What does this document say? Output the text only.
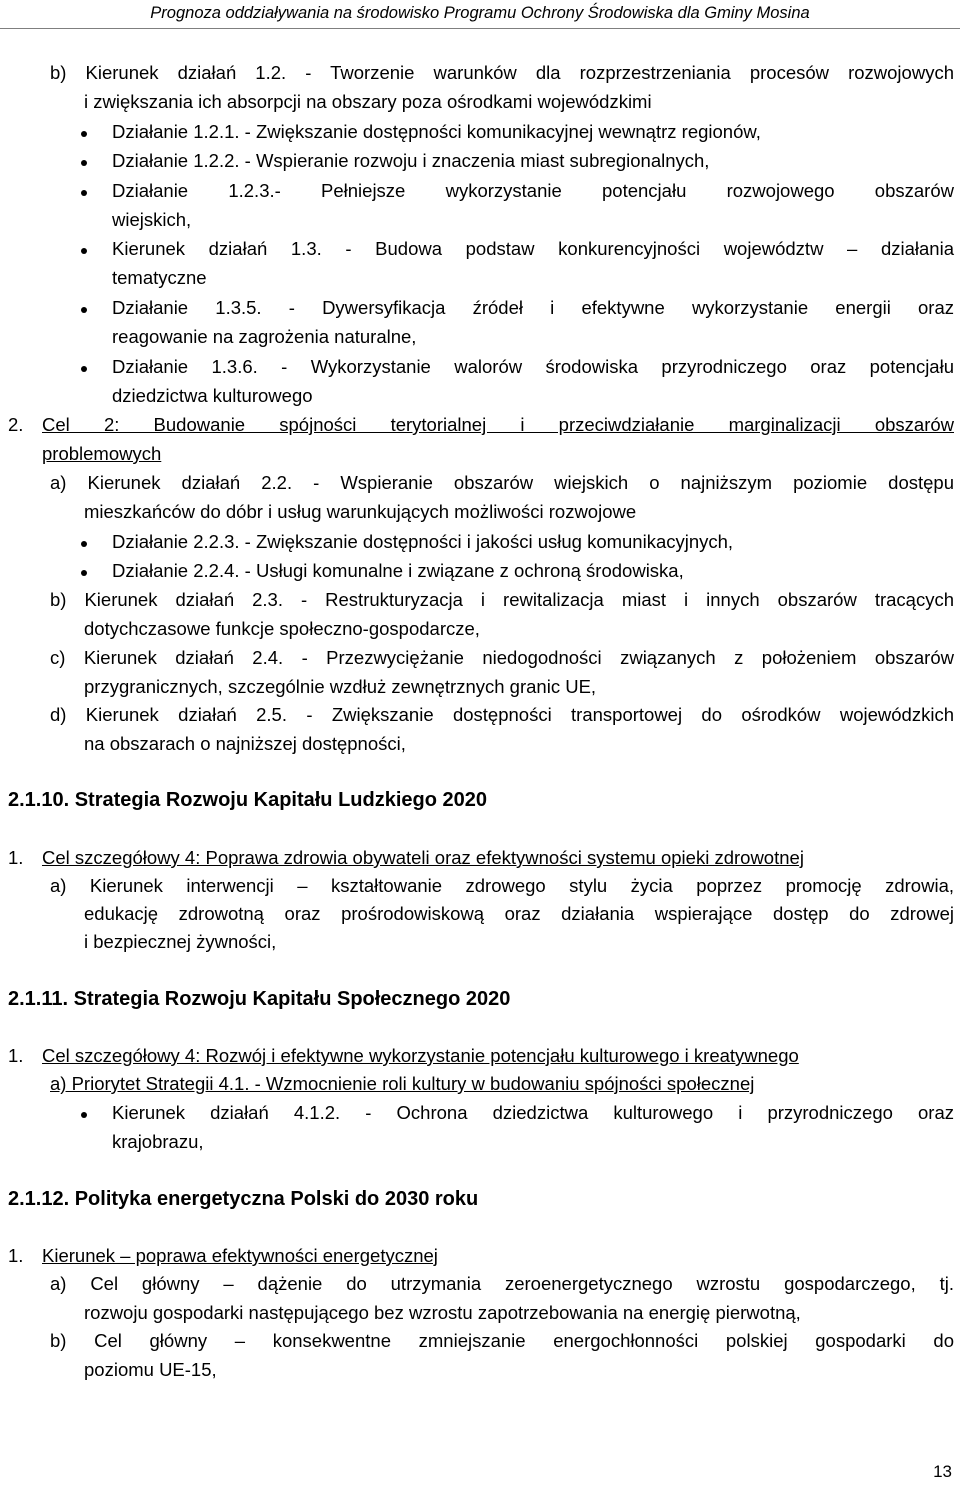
Prognoza oddziaływania na środowisko Programu Ochrony Środowiska dla Gminy Mosina
b) Kierunek działań 1.2. - Tworzenie warunków dla rozprzestrzeniania procesów rozwojowych
i zwiększania ich absorpcji na obszary poza ośrodkami wojewódzkimi
Działanie 1.2.1. - Zwiększanie dostępności komunikacyjnej wewnątrz regionów,
Działanie 1.2.2. - Wspieranie rozwoju i znaczenia miast subregionalnych,
Działanie 1.2.3.- Pełniejsze wykorzystanie potencjału rozwojowego obszarów
wiejskich,
Kierunek działań 1.3. - Budowa podstaw konkurencyjności województw – działania
tematyczne
Działanie 1.3.5. - Dywersyfikacja źródeł i efektywne wykorzystanie energii oraz
reagowanie na zagrożenia naturalne,
Działanie 1.3.6. - Wykorzystanie walorów środowiska przyrodniczego oraz potencjału
dziedzictwa kulturowego
2. Cel 2: Budowanie spójności terytorialnej i przeciwdziałanie marginalizacji obszarów
problemowych
a) Kierunek działań 2.2. - Wspieranie obszarów wiejskich o najniższym poziomie dostępu
mieszkańców do dóbr i usług warunkujących możliwości rozwojowe
Działanie 2.2.3. - Zwiększanie dostępności i jakości usług komunikacyjnych,
Działanie 2.2.4. - Usługi komunalne i związane z ochroną środowiska,
b) Kierunek działań 2.3. - Restrukturyzacja i rewitalizacja miast i innych obszarów tracących
dotychczasowe funkcje społeczno-gospodarcze,
c) Kierunek działań 2.4. - Przezwyciężanie niedogodności związanych z położeniem obszarów
przygranicznych, szczególnie wzdłuż zewnętrznych granic UE,
d) Kierunek działań 2.5. - Zwiększanie dostępności transportowej do ośrodków wojewódzkich
na obszarach o najniższej dostępności,
2.1.10. Strategia Rozwoju Kapitału Ludzkiego 2020
1. Cel szczegółowy 4: Poprawa zdrowia obywateli oraz efektywności systemu opieki zdrowotnej
a) Kierunek interwencji – kształtowanie zdrowego stylu życia poprzez promocję zdrowia,
edukację zdrowotną oraz prośrodowiskową oraz działania wspierające dostęp do zdrowej
i bezpiecznej żywności,
2.1.11. Strategia Rozwoju Kapitału Społecznego 2020
1. Cel szczegółowy 4: Rozwój i efektywne wykorzystanie potencjału kulturowego i kreatywnego
a) Priorytet Strategii 4.1. - Wzmocnienie roli kultury w budowaniu spójności społecznej
Kierunek działań 4.1.2. - Ochrona dziedzictwa kulturowego i przyrodniczego oraz
krajobrazu,
2.1.12. Polityka energetyczna Polski do 2030 roku
1. Kierunek – poprawa efektywności energetycznej
a) Cel główny – dążenie do utrzymania zeroenergetycznego wzrostu gospodarczego, tj.
rozwoju gospodarki następującego bez wzrostu zapotrzebowania na energię pierwotną,
b) Cel główny – konsekwentne zmniejszanie energochłonności polskiej gospodarki do
poziomu UE-15,
13
